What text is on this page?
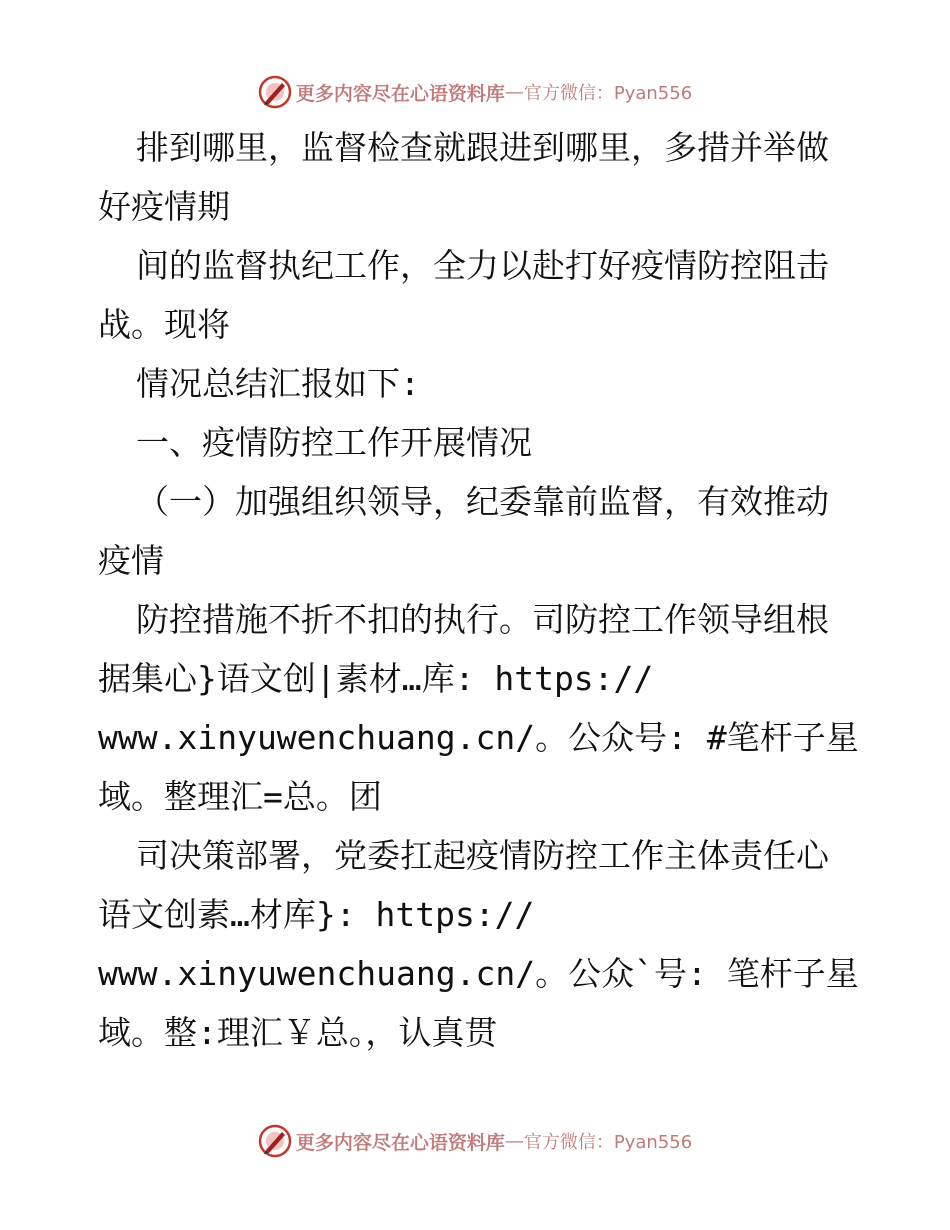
更多内容尽在心语资料库 — 官方微信：Pyan556
排到哪里，监督检查就跟进到哪里，多措并举做
好疫情期
间的监督执纪工作，全力以赴打好疫情防控阻击
战。现将
情况总结汇报如下:
一、疫情防控工作开展情况
（一）加强组织领导，纪委靠前监督，有效推动
疫情
防控措施不折不扣的执行。司防控工作领导组根
据集心}语文创|素材…库: https://
www.xinyuwenchuang.cn/。公众号: #笔杆子星
域。整理汇=总。团
司决策部署，党委扛起疫情防控工作主体责任心
语文创素…材库}: https://
www.xinyuwenchuang.cn/。公众`号: 笔杆子星
域。整:理汇￥总。，认真贯
更多内容尽在心语资料库 — 官方微信：Pyan556
